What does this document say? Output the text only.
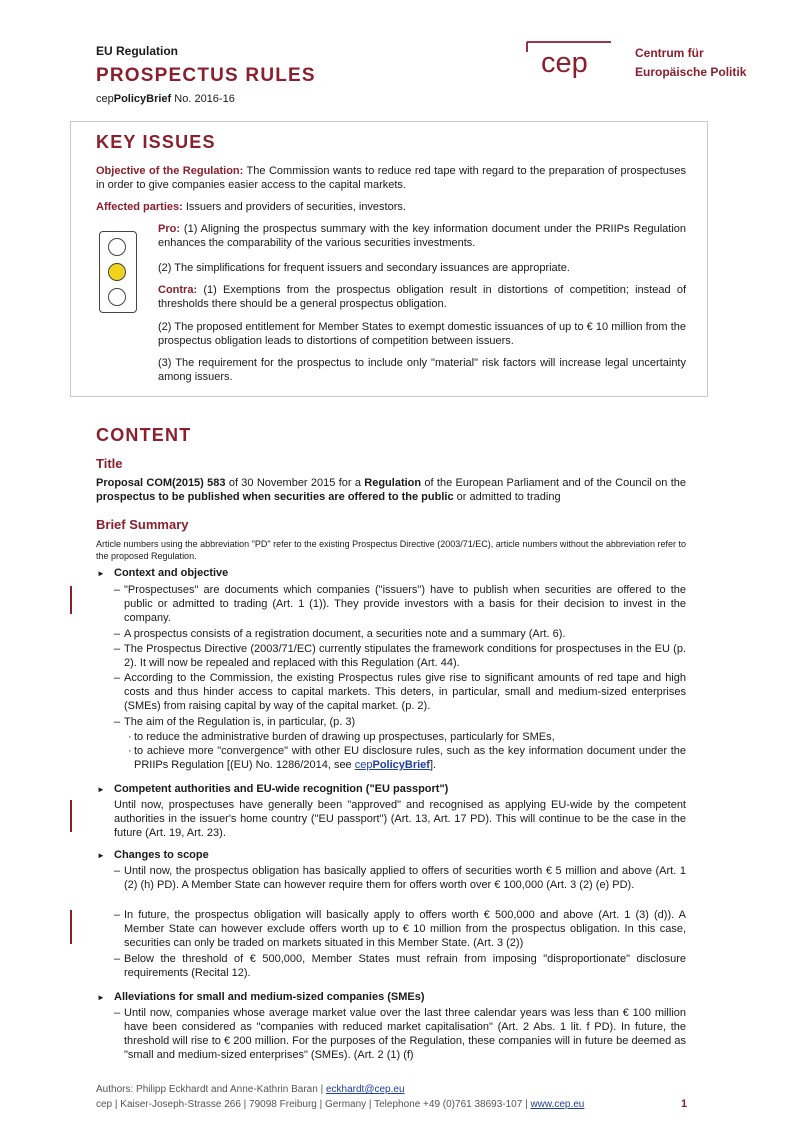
EU Regulation
PROSPECTUS RULES
cepPolicyBrief No. 2016-16
cep	Centrum für
Europäische Politik
KEY ISSUES
Objective of the Regulation: The Commission wants to reduce red tape with regard to the preparation of prospectuses in order to give companies easier access to the capital markets.
Affected parties: Issuers and providers of securities, investors.
Pro: (1) Aligning the prospectus summary with the key information document under the PRIIPs Regulation enhances the comparability of the various securities investments.
(2) The simplifications for frequent issuers and secondary issuances are appropriate.
Contra: (1) Exemptions from the prospectus obligation result in distortions of competition; instead of thresholds there should be a general prospectus obligation.
(2) The proposed entitlement for Member States to exempt domestic issuances of up to € 10 million from the prospectus obligation leads to distortions of competition between issuers.
(3) The requirement for the prospectus to include only "material" risk factors will increase legal uncertainty among issuers.
CONTENT
Title
Proposal COM(2015) 583 of 30 November 2015 for a Regulation of the European Parliament and of the Council on the prospectus to be published when securities are offered to the public or admitted to trading
Brief Summary
Article numbers using the abbreviation "PD" refer to the existing Prospectus Directive (2003/71/EC), article numbers without the abbreviation refer to the proposed Regulation.
► Context and objective
– "Prospectuses" are documents which companies ("issuers") have to publish when securities are offered to the public or admitted to trading (Art. 1 (1)). They provide investors with a basis for their decision to invest in the company.
– A prospectus consists of a registration document, a securities note and a summary (Art. 6).
– The Prospectus Directive (2003/71/EC) currently stipulates the framework conditions for prospectuses in the EU (p. 2). It will now be repealed and replaced with this Regulation (Art. 44).
– According to the Commission, the existing Prospectus rules give rise to significant amounts of red tape and high costs and thus hinder access to capital markets. This deters, in particular, small and medium-sized enterprises (SMEs) from raising capital by way of the capital market. (p. 2).
– The aim of the Regulation is, in particular, (p. 3)
· to reduce the administrative burden of drawing up prospectuses, particularly for SMEs,
· to achieve more "convergence" with other EU disclosure rules, such as the key information document under the PRIIPs Regulation [(EU) No. 1286/2014, see cepPolicyBrief].
► Competent authorities and EU-wide recognition ("EU passport")
Until now, prospectuses have generally been "approved" and recognised as applying EU-wide by the competent authorities in the issuer's home country ("EU passport") (Art. 13, Art. 17 PD). This will continue to be the case in the future (Art. 19, Art. 23).
► Changes to scope
– Until now, the prospectus obligation has basically applied to offers of securities worth € 5 million and above (Art. 1 (2) (h) PD). A Member State can however require them for offers worth over € 100,000 (Art. 3 (2) (e) PD).
– In future, the prospectus obligation will basically apply to offers worth € 500,000 and above (Art. 1 (3) (d)). A Member State can however exclude offers worth up to € 10 million from the prospectus obligation. In this case, securities can only be traded on markets situated in this Member State. (Art. 3 (2))
– Below the threshold of € 500,000, Member States must refrain from imposing "disproportionate" disclosure requirements (Recital 12).
► Alleviations for small and medium-sized companies (SMEs)
– Until now, companies whose average market value over the last three calendar years was less than € 100 million have been considered as "companies with reduced market capitalisation" (Art. 2 Abs. 1 lit. f PD). In future, the threshold will rise to € 200 million. For the purposes of the Regulation, these companies will in future be deemed as "small and medium-sized enterprises" (SMEs). (Art. 2 (1) (f)
Authors: Philipp Eckhardt and Anne-Kathrin Baran | eckhardt@cep.eu
cep | Kaiser-Joseph-Strasse 266 | 79098 Freiburg | Germany | Telephone +49 (0)761 38693-107 | www.cep.eu	1
